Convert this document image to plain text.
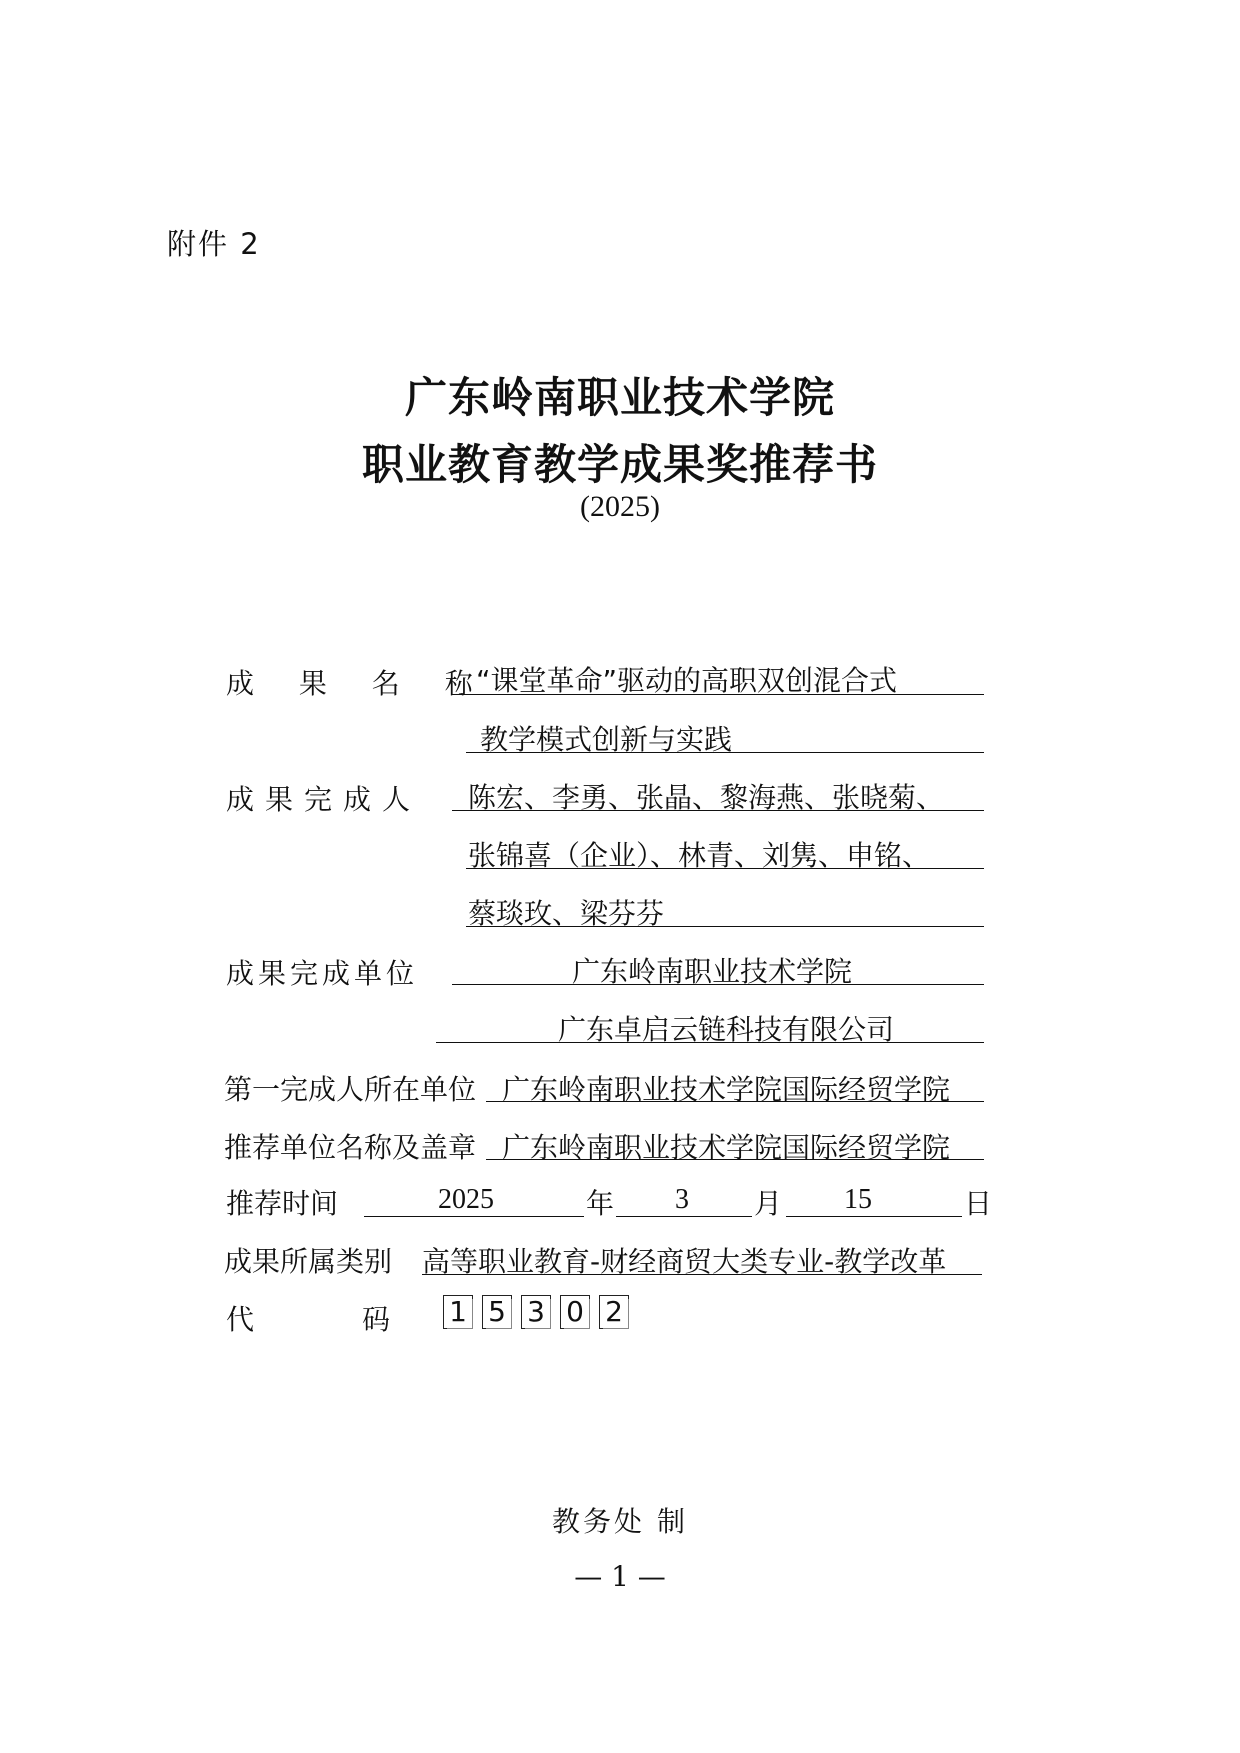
附件 2
广东岭南职业技术学院
职业教育教学成果奖推荐书
(2025)
成 果 名 称
“课堂革命”驱动的高职双创混合式
教学模式创新与实践
成果完成人 陈宏、李勇、张晶、黎海燕、张晓菊、
张锦喜（企业）、林青、刘隽、申铭、
蔡琰玫、梁芬芬
成果完成单位	广东岭南职业技术学院
广东卓启云链科技有限公司
第一完成人所在单位 广东岭南职业技术学院国际经贸学院
推荐单位名称及盖章 广东岭南职业技术学院国际经贸学院
推荐时间	2025	年 3 月 15	日
成果所属类别 高等职业教育-财经商贸大类专业-教学改革
代	码 1 5 3 0 2
教务处 制
— 1 —
